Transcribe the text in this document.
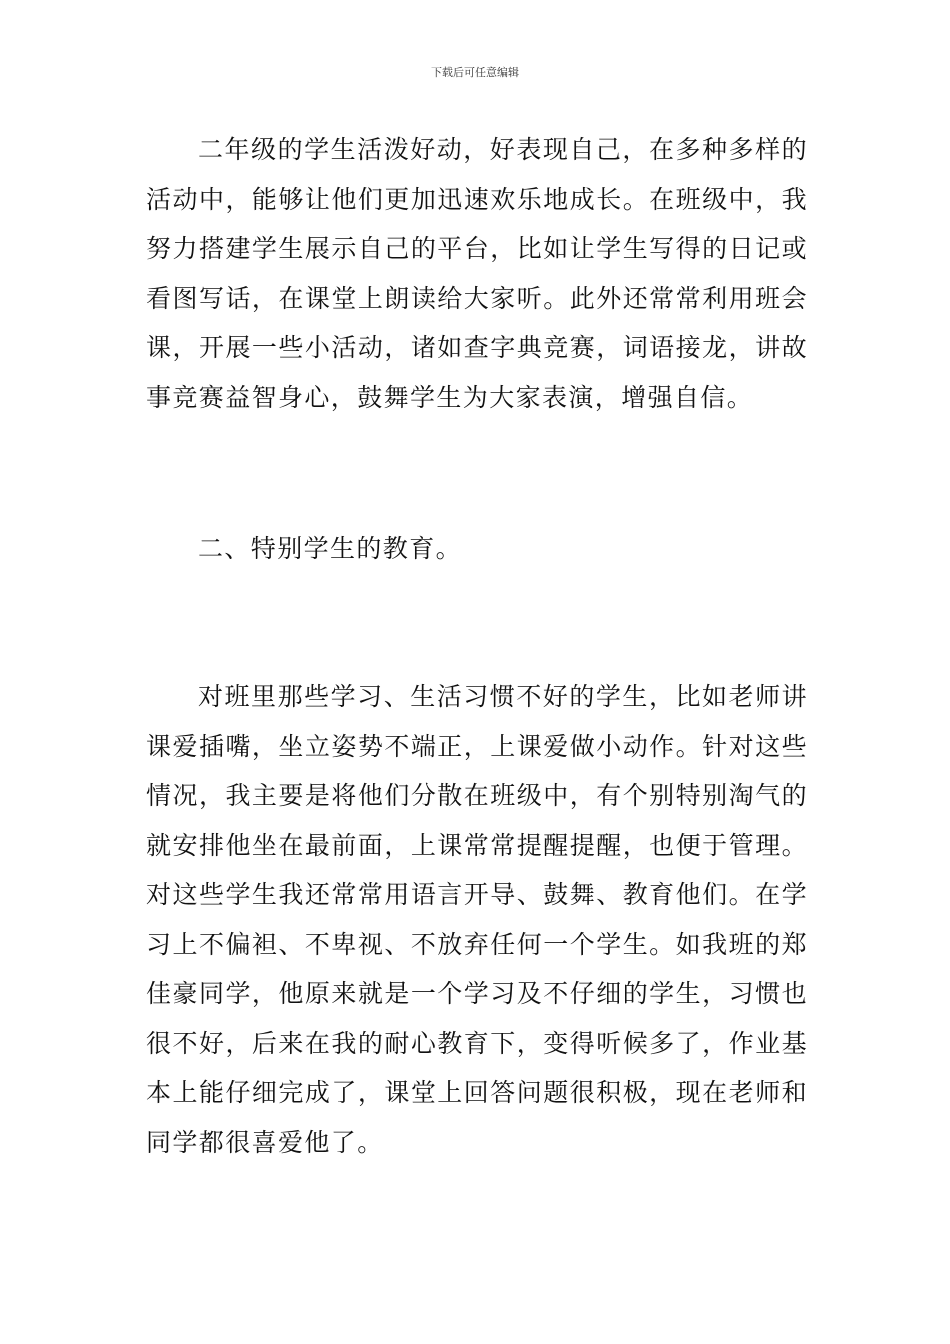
下载后可任意编辑

二年级的学生活泼好动，好表现自己，在多种多样的活动中，能够让他们更加迅速欢乐地成长。在班级中，我努力搭建学生展示自己的平台，比如让学生写得的日记或看图写话，在课堂上朗读给大家听。此外还常常利用班会课，开展一些小活动，诸如查字典竞赛，词语接龙，讲故事竞赛益智身心，鼓舞学生为大家表演，增强自信。

二、特别学生的教育。

对班里那些学习、生活习惯不好的学生，比如老师讲课爱插嘴，坐立姿势不端正，上课爱做小动作。针对这些情况，我主要是将他们分散在班级中，有个别特别淘气的就安排他坐在最前面，上课常常提醒提醒，也便于管理。对这些学生我还常常用语言开导、鼓舞、教育他们。在学习上不偏袒、不卑视、不放弃任何一个学生。如我班的郑佳豪同学，他原来就是一个学习及不仔细的学生，习惯也很不好，后来在我的耐心教育下，变得听候多了，作业基本上能仔细完成了，课堂上回答问题很积极，现在老师和同学都很喜爱他了。
